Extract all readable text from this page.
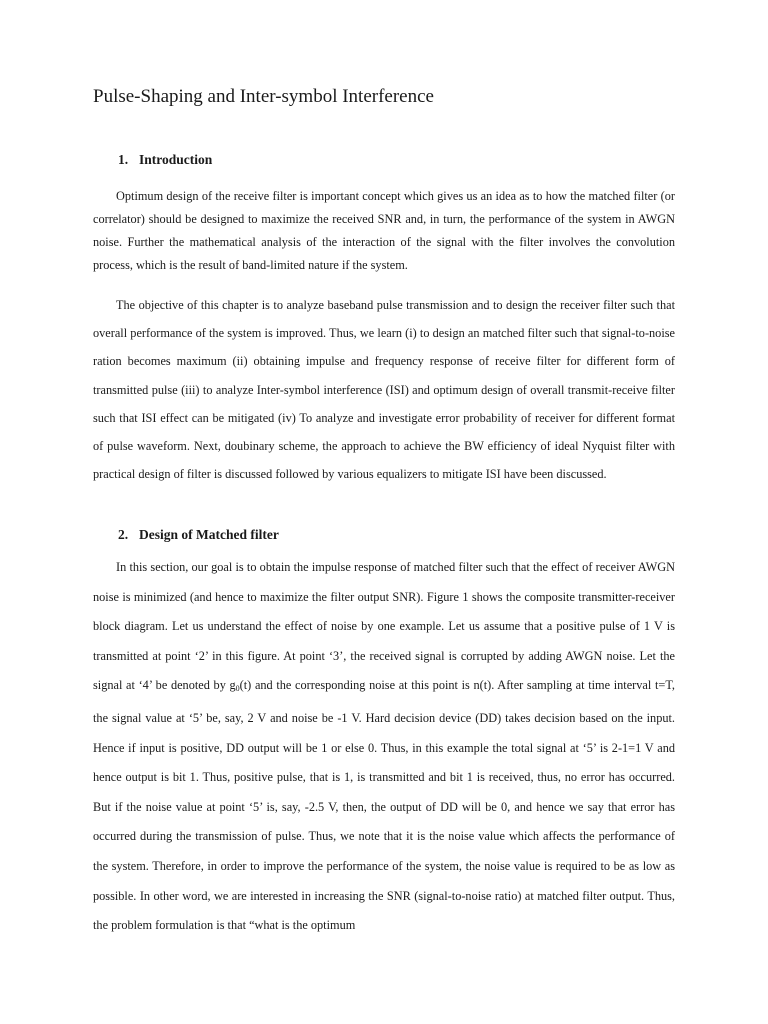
Pulse-Shaping and Inter-symbol Interference
1. Introduction

Optimum design of the receive filter is important concept which gives us an idea as to how the matched filter (or correlator) should be designed to maximize the received SNR and, in turn, the performance of the system in AWGN noise. Further the mathematical analysis of the interaction of the signal with the filter involves the convolution process, which is the result of band-limited nature if the system.

The objective of this chapter is to analyze baseband pulse transmission and to design the receiver filter such that overall performance of the system is improved. Thus, we learn (i) to design an matched filter such that signal-to-noise ration becomes maximum (ii) obtaining impulse and frequency response of receive filter for different form of transmitted pulse (iii) to analyze Inter-symbol interference (ISI) and optimum design of overall transmit-receive filter such that ISI effect can be mitigated (iv) To analyze and investigate error probability of receiver for different format of pulse waveform. Next, doubinary scheme, the approach to achieve the BW efficiency of ideal Nyquist filter with practical design of filter is discussed followed by various equalizers to mitigate ISI have been discussed.

2. Design of Matched filter

In this section, our goal is to obtain the impulse response of matched filter such that the effect of receiver AWGN noise is minimized (and hence to maximize the filter output SNR). Figure 1 shows the composite transmitter-receiver block diagram. Let us understand the effect of noise by one example. Let us assume that a positive pulse of 1 V is transmitted at point ‘2’ in this figure. At point ‘3’, the received signal is corrupted by adding AWGN noise. Let the signal at ‘4’ be denoted by $g_0(t)$ and the corresponding noise at this point is n(t). After sampling at time interval t=T, the signal value at ‘5’ be, say, 2 V and noise be -1 V. Hard decision device (DD) takes decision based on the input. Hence if input is positive, DD output will be 1 or else 0. Thus, in this example the total signal at ‘5’ is 2-1=1 V and hence output is bit 1. Thus, positive pulse, that is 1, is transmitted and bit 1 is received, thus, no error has occurred. But if the noise value at point ‘5’ is, say, -2.5 V, then, the output of DD will be 0, and hence we say that error has occurred during the transmission of pulse. Thus, we note that it is the noise value which affects the performance of the system. Therefore, in order to improve the performance of the system, the noise value is required to be as low as possible. In other word, we are interested in increasing the SNR (signal-to-noise ratio) at matched filter output. Thus, the problem formulation is that “what is the optimum
